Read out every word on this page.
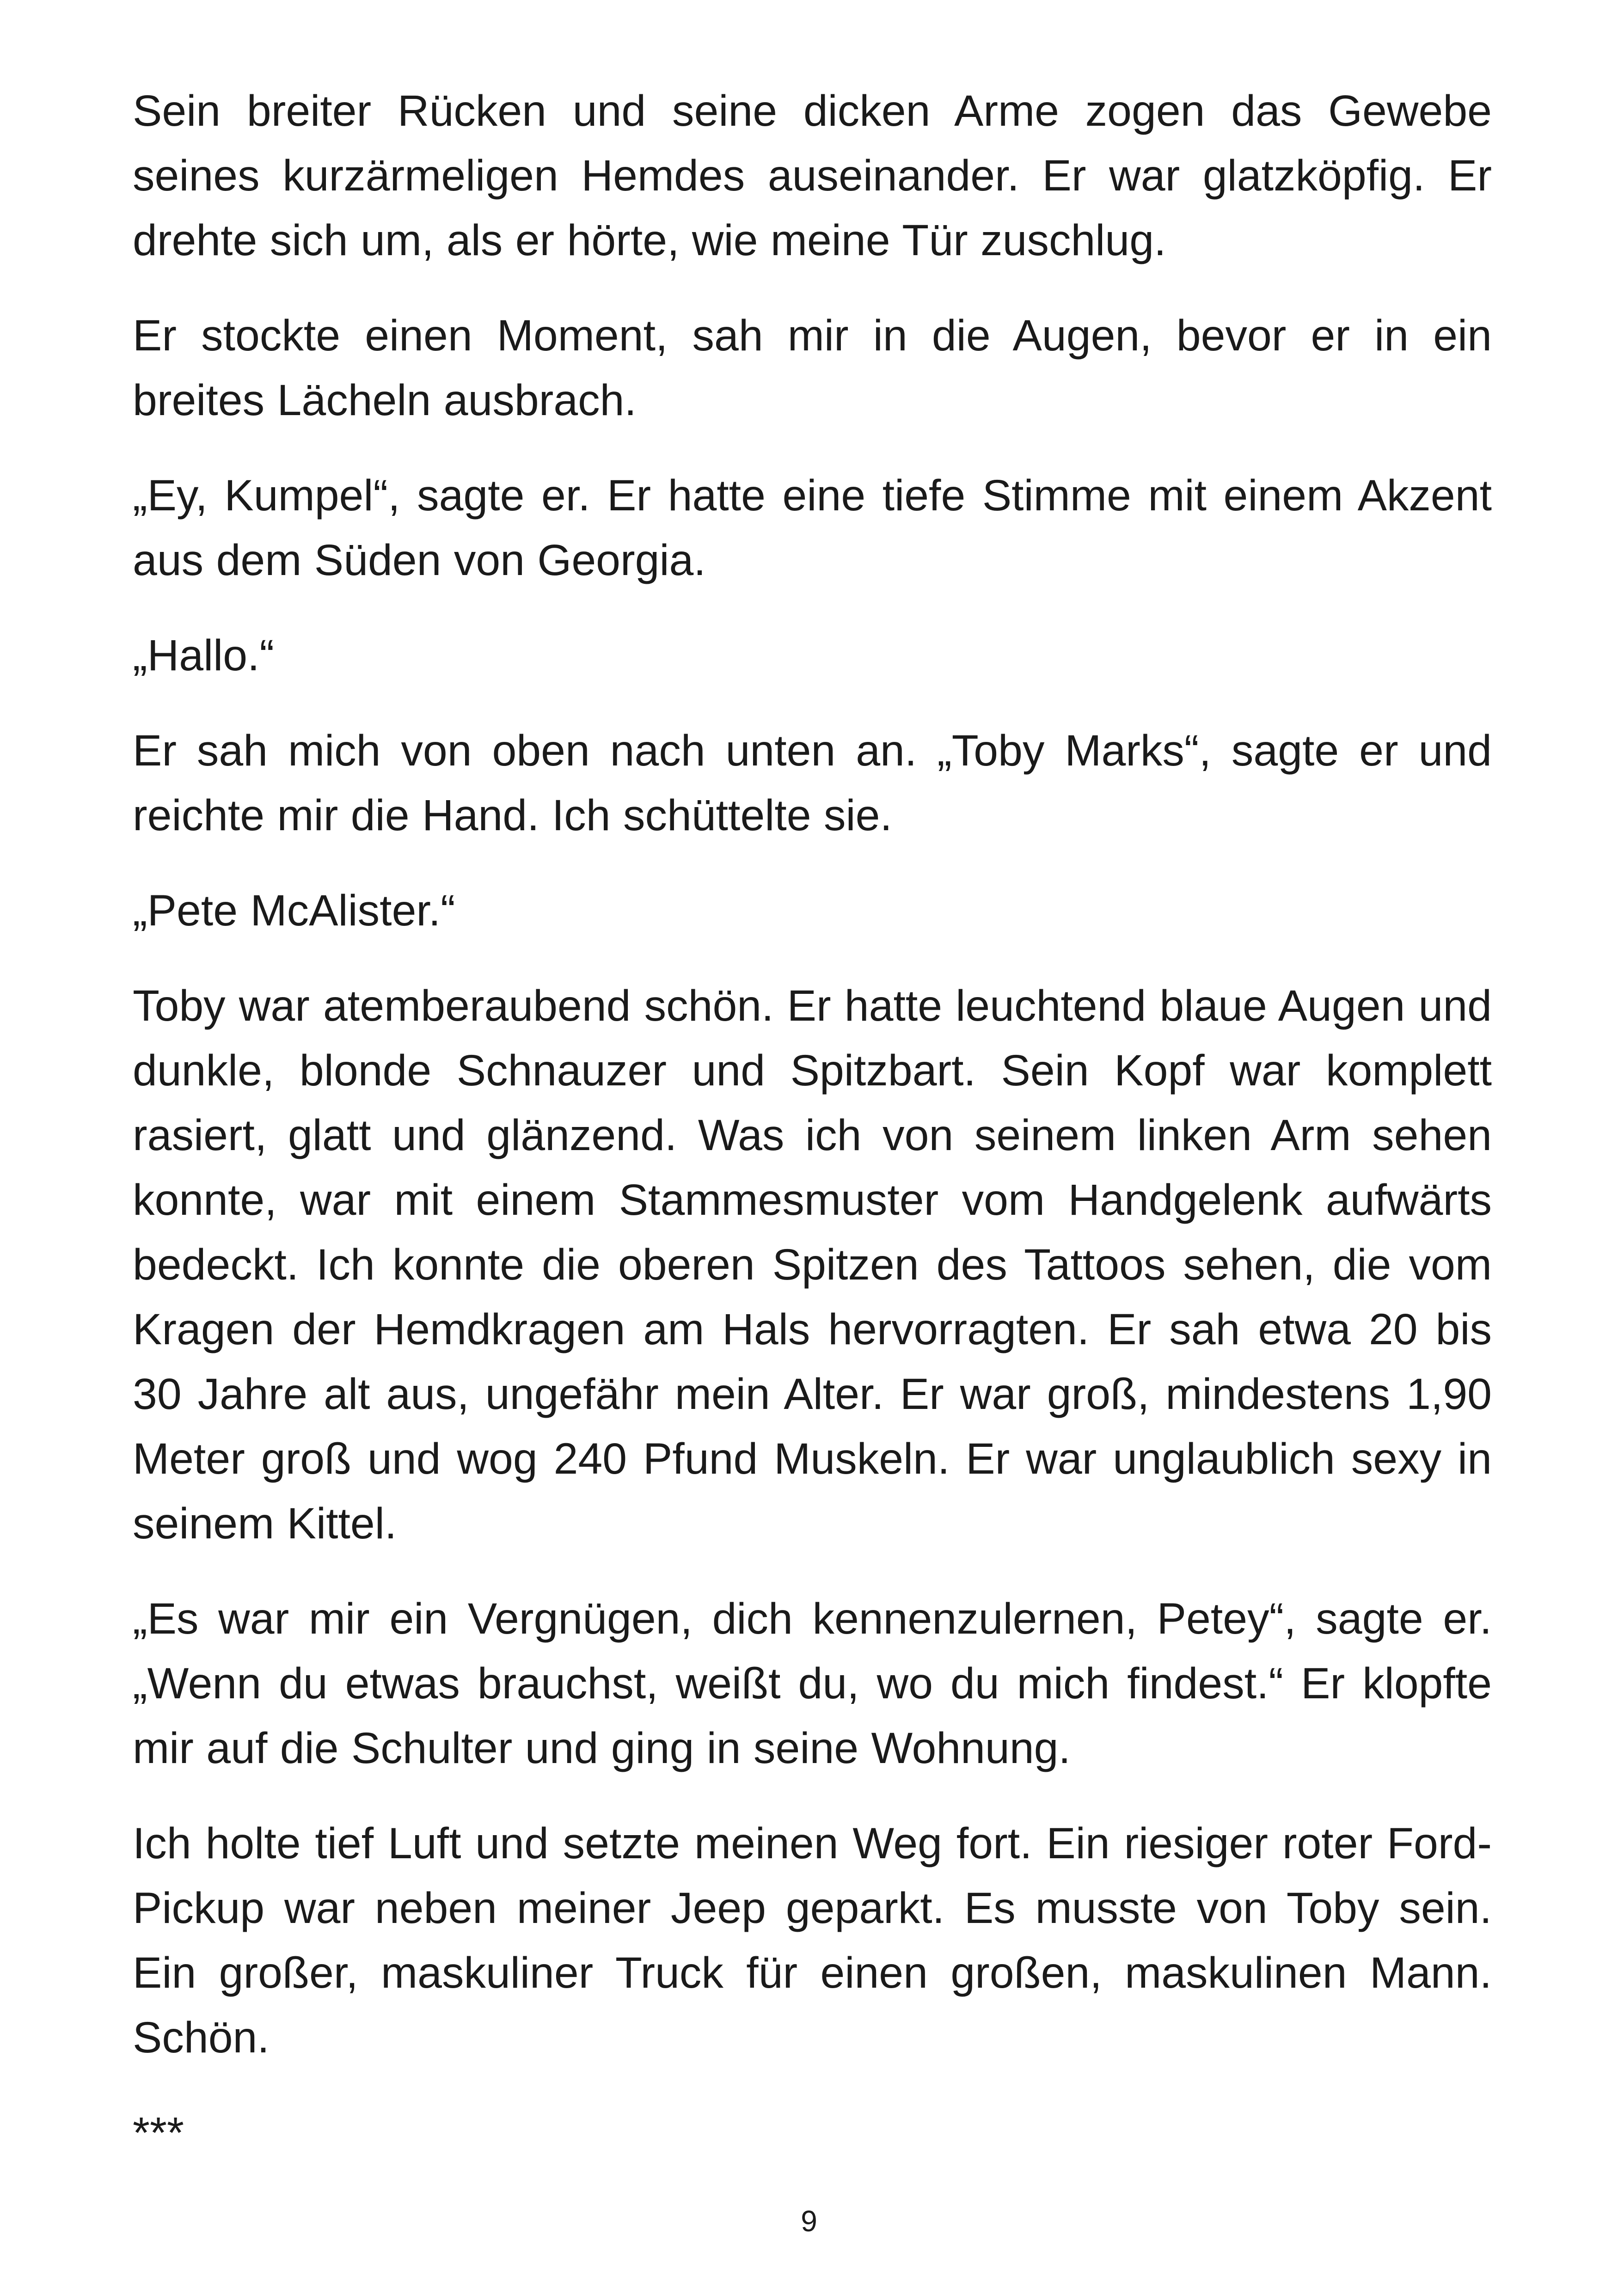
Sein breiter Rücken und seine dicken Arme zogen das Gewebe seines kurzärmeligen Hemdes auseinander. Er war glatzköpfig. Er drehte sich um, als er hörte, wie meine Tür zuschlug.

Er stockte einen Moment, sah mir in die Augen, bevor er in ein breites Lächeln ausbrach.

„Ey, Kumpel“, sagte er. Er hatte eine tiefe Stimme mit einem Akzent aus dem Süden von Georgia.

„Hallo.“

Er sah mich von oben nach unten an. „Toby Marks“, sagte er und reichte mir die Hand. Ich schüttelte sie.

„Pete McAlister.“

Toby war atemberaubend schön. Er hatte leuchtend blaue Augen und dunkle, blonde Schnauzer und Spitzbart. Sein Kopf war komplett rasiert, glatt und glänzend. Was ich von seinem linken Arm sehen konnte, war mit einem Stammesmuster vom Handgelenk aufwärts bedeckt. Ich konnte die oberen Spitzen des Tattoos sehen, die vom Kragen der Hemdkragen am Hals hervorragten. Er sah etwa 20 bis 30 Jahre alt aus, ungefähr mein Alter. Er war groß, mindestens 1,90 Meter groß und wog 240 Pfund Muskeln. Er war unglaublich sexy in seinem Kittel.

„Es war mir ein Vergnügen, dich kennenzulernen, Petey“, sagte er. „Wenn du etwas brauchst, weißt du, wo du mich findest.“ Er klopfte mir auf die Schulter und ging in seine Wohnung.

Ich holte tief Luft und setzte meinen Weg fort. Ein riesiger roter Ford-Pickup war neben meiner Jeep geparkt. Es musste von Toby sein. Ein großer, maskuliner Truck für einen großen, maskulinen Mann. Schön.

***

9
